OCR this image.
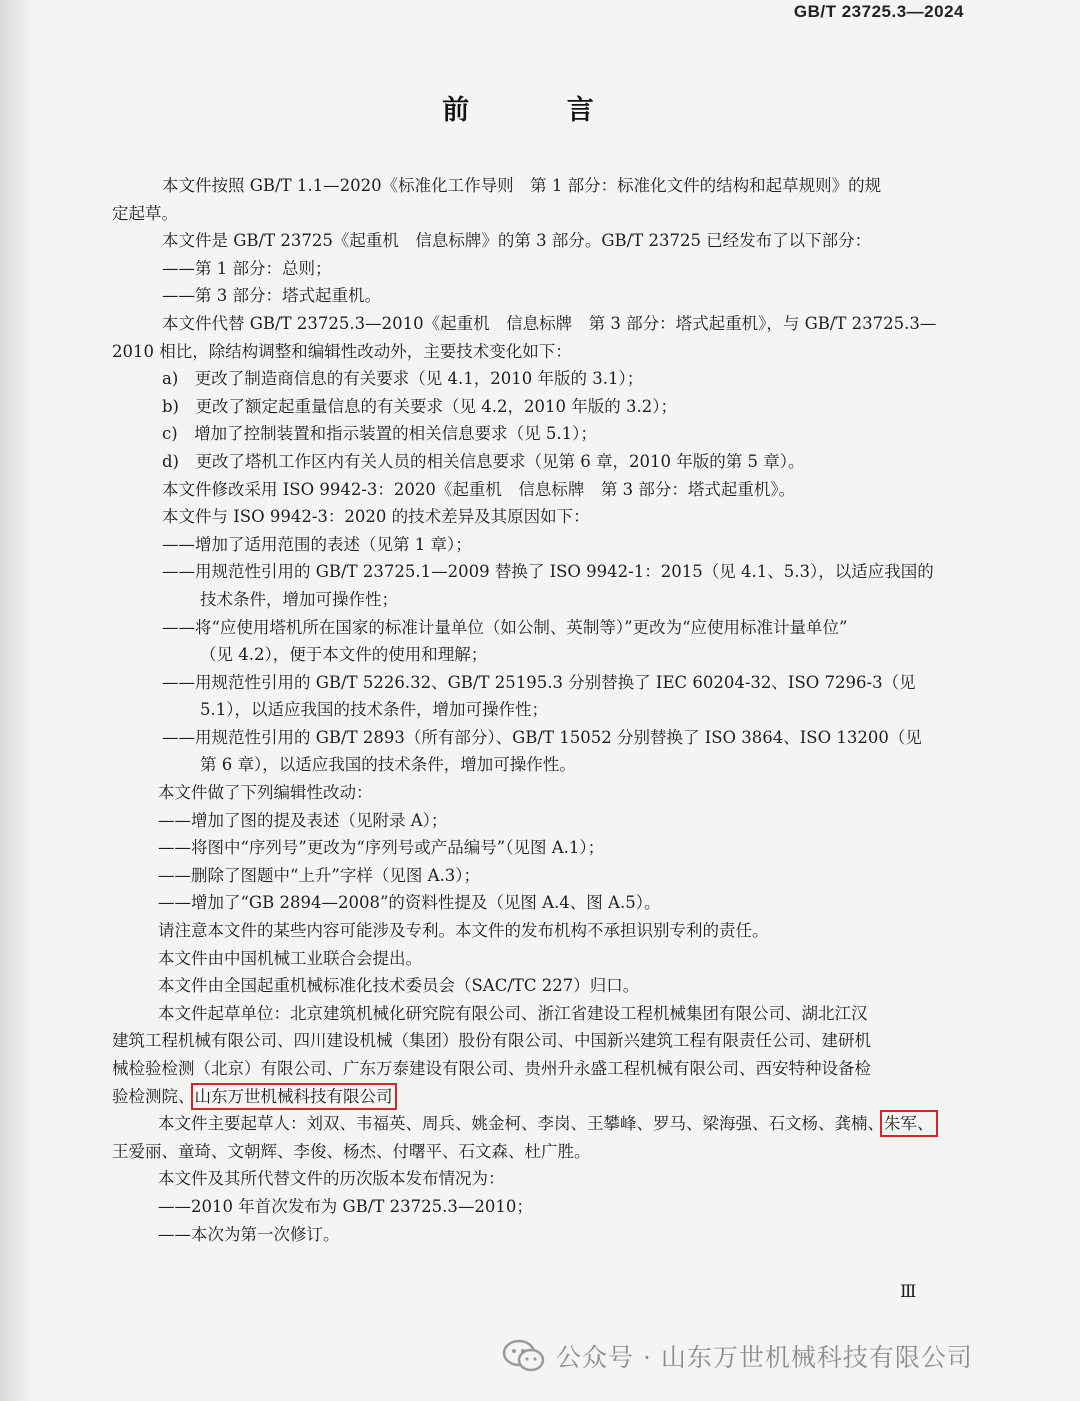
GB/T 23725.3—2024
前 言
本文件按照 GB/T 1.1—2020《标准化工作导则　第 1 部分：标准化文件的结构和起草规则》的规
定起草。
本文件是 GB/T 23725《起重机　信息标牌》的第 3 部分。GB/T 23725 已经发布了以下部分：
——第 1 部分：总则；
——第 3 部分：塔式起重机。
本文件代替 GB/T 23725.3—2010《起重机　信息标牌　第 3 部分：塔式起重机》，与 GB/T 23725.3—
2010 相比，除结构调整和编辑性改动外，主要技术变化如下：
a)　更改了制造商信息的有关要求（见 4.1，2010 年版的 3.1）；
b)　更改了额定起重量信息的有关要求（见 4.2，2010 年版的 3.2）；
c)　增加了控制装置和指示装置的相关信息要求（见 5.1）；
d)　更改了塔机工作区内有关人员的相关信息要求（见第 6 章，2010 年版的第 5 章）。
本文件修改采用 ISO 9942-3：2020《起重机　信息标牌　第 3 部分：塔式起重机》。
本文件与 ISO 9942-3：2020 的技术差异及其原因如下：
——增加了适用范围的表述（见第 1 章）；
——用规范性引用的 GB/T 23725.1—2009 替换了 ISO 9942-1：2015（见 4.1、5.3），以适应我国的
技术条件，增加可操作性；
——将“应使用塔机所在国家的标准计量单位（如公制、英制等）”更改为“应使用标准计量单位”
（见 4.2），便于本文件的使用和理解；
——用规范性引用的 GB/T 5226.32、GB/T 25195.3 分别替换了 IEC 60204-32、ISO 7296-3（见
5.1），以适应我国的技术条件，增加可操作性；
——用规范性引用的 GB/T 2893（所有部分）、GB/T 15052 分别替换了 ISO 3864、ISO 13200（见
第 6 章），以适应我国的技术条件，增加可操作性。
本文件做了下列编辑性改动：
——增加了图的提及表述（见附录 A）；
——将图中“序列号”更改为“序列号或产品编号”（见图 A.1）；
——删除了图题中“上升”字样（见图 A.3）；
——增加了“GB 2894—2008”的资料性提及（见图 A.4、图 A.5）。
请注意本文件的某些内容可能涉及专利。本文件的发布机构不承担识别专利的责任。
本文件由中国机械工业联合会提出。
本文件由全国起重机械标准化技术委员会（SAC/TC 227）归口。
本文件起草单位：北京建筑机械化研究院有限公司、浙江省建设工程机械集团有限公司、湖北江汉
建筑工程机械有限公司、四川建设机械（集团）股份有限公司、中国新兴建筑工程有限责任公司、建研机
械检验检测（北京）有限公司、广东万泰建设有限公司、贵州升永盛工程机械有限公司、西安特种设备检
验检测院、山东万世机械科技有限公司
本文件主要起草人：刘双、韦福英、周兵、姚金柯、李岗、王攀峰、罗马、梁海强、石文杨、龚楠、朱军、
王爱丽、童琦、文朝辉、李俊、杨杰、付曙平、石文森、杜广胜。
本文件及其所代替文件的历次版本发布情况为：
——2010 年首次发布为 GB/T 23725.3—2010；
——本次为第一次修订。
Ⅲ
公众号 · 山东万世机械科技有限公司
